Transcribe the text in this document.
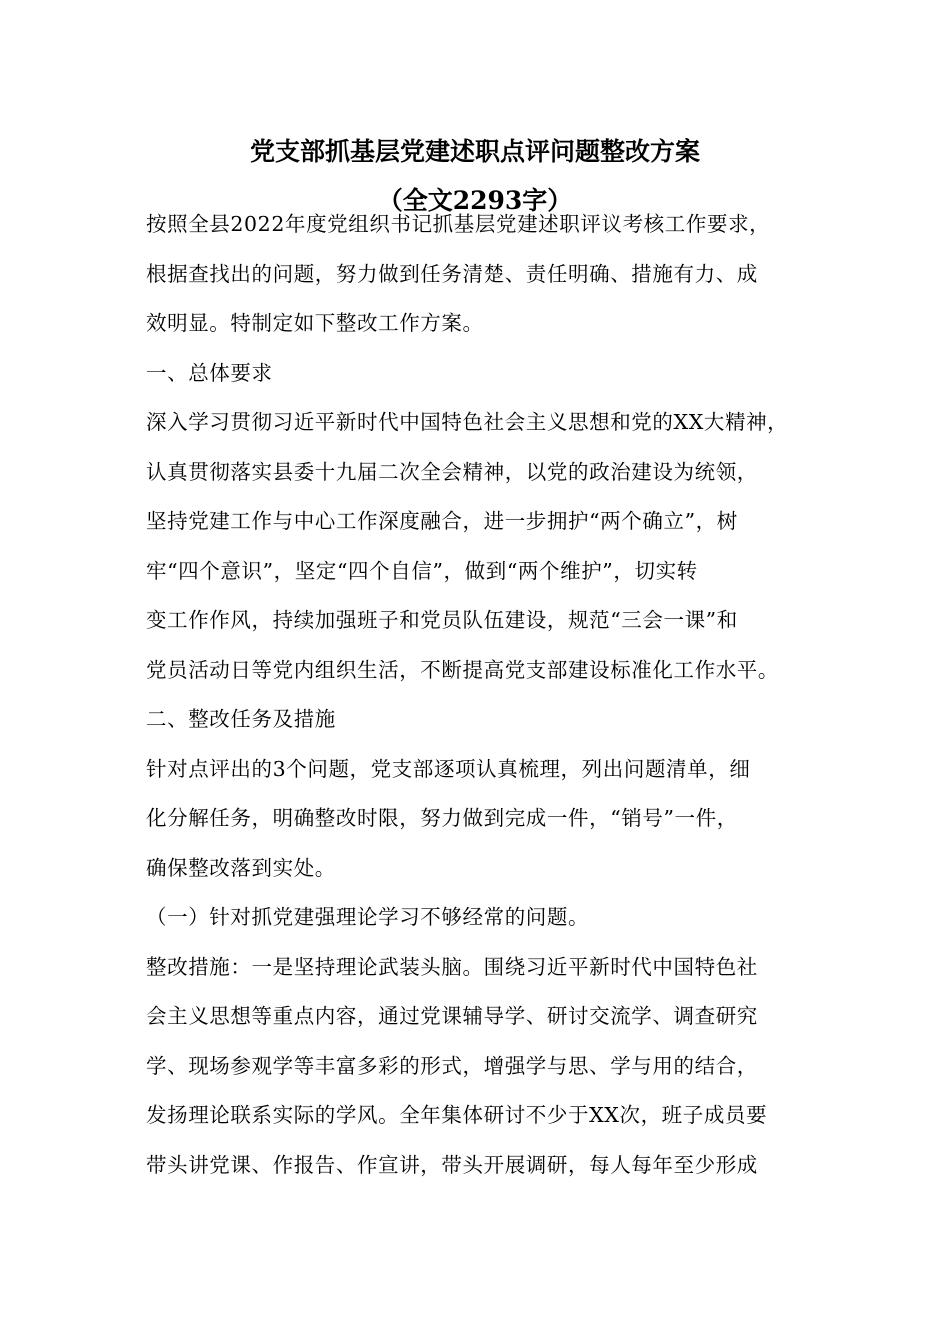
党支部抓基层党建述职点评问题整改方案
（全文2293字）
按照全县2022年度党组织书记抓基层党建述职评议考核工作要求，
根据查找出的问题，努力做到任务清楚、责任明确、措施有力、成
效明显。特制定如下整改工作方案。
一、总体要求
深入学习贯彻习近平新时代中国特色社会主义思想和党的XX大精神，
认真贯彻落实县委十九届二次全会精神，以党的政治建设为统领，
坚持党建工作与中心工作深度融合，进一步拥护“两个确立”，树
牢“四个意识”，坚定“四个自信”，做到“两个维护”，切实转
变工作作风，持续加强班子和党员队伍建设，规范“三会一课”和
党员活动日等党内组织生活，不断提高党支部建设标准化工作水平。
二、整改任务及措施
针对点评出的3个问题，党支部逐项认真梳理，列出问题清单，细
化分解任务，明确整改时限，努力做到完成一件，“销号”一件，
确保整改落到实处。
（一）针对抓党建强理论学习不够经常的问题。
整改措施：一是坚持理论武装头脑。围绕习近平新时代中国特色社
会主义思想等重点内容，通过党课辅导学、研讨交流学、调查研究
学、现场参观学等丰富多彩的形式，增强学与思、学与用的结合，
发扬理论联系实际的学风。全年集体研讨不少于XX次，班子成员要
带头讲党课、作报告、作宣讲，带头开展调研，每人每年至少形成
